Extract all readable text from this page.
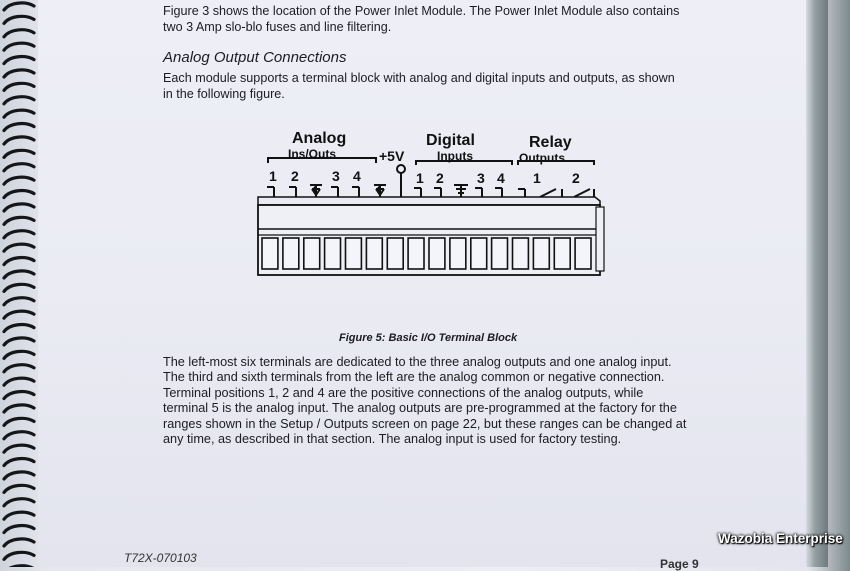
Figure 3 shows the location of the Power Inlet Module. The Power Inlet Module also contains
two 3 Amp slo-blo fuses and line filtering.
Analog Output Connections
Each module supports a terminal block with analog and digital inputs and outputs, as shown
in the following figure.
Analog
Ins/Outs	+5V
Digital
Inputs
Relay
Outputs
1 2 3 4	1 2 3 4 1 2
Figure 5: Basic I/O Terminal Block
The left-most six terminals are dedicated to the three analog outputs and one analog input.
The third and sixth terminals from the left are the analog common or negative connection.
Terminal positions 1, 2 and 4 are the positive connections of the analog outputs, while
terminal 5 is the analog input. The analog outputs are pre-programmed at the factory for the
ranges shown in the Setup / Outputs screen on page 22, but these ranges can be changed at
any time, as described in that section. The analog input is used for factory testing.
T72X-070103	Page 9
Wazobia Enterprise
